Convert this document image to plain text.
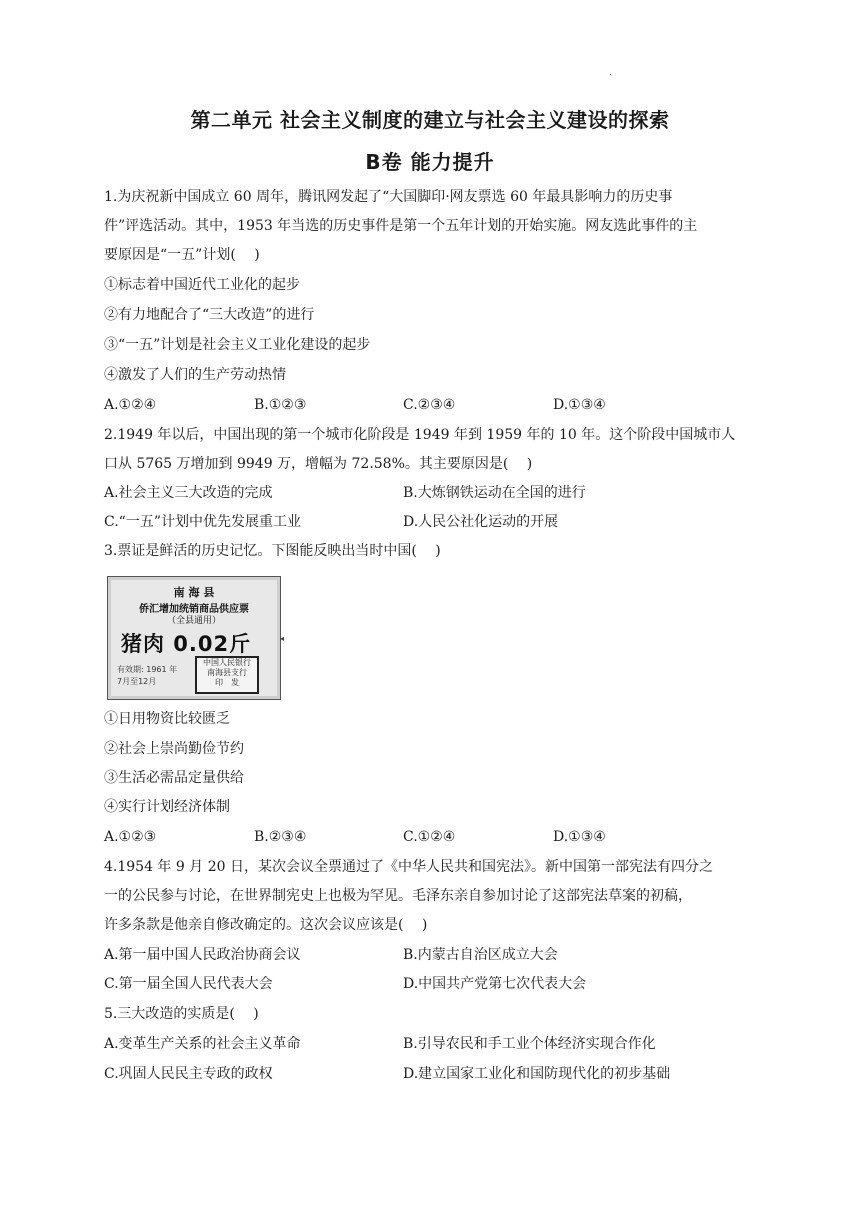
·
第二单元 社会主义制度的建立与社会主义建设的探索
B卷 能力提升
1.为庆祝新中国成立 60 周年，腾讯网发起了“大国脚印·网友票选 60 年最具影响力的历史事
件”评选活动。其中，1953 年当选的历史事件是第一个五年计划的开始实施。网友选此事件的主
要原因是“一五”计划(　 )
①标志着中国近代工业化的起步
②有力地配合了“三大改造”的进行
③“一五”计划是社会主义工业化建设的起步
④激发了人们的生产劳动热情
A.①②④	B.①②③	C.②③④	D.①③④
2.1949 年以后，中国出现的第一个城市化阶段是 1949 年到 1959 年的 10 年。这个阶段中国城市人
口从 5765 万增加到 9949 万，增幅为 72.58%。其主要原因是(　 )
A.社会主义三大改造的完成	B.大炼钢铁运动在全国的进行
C.“一五”计划中优先发展重工业	D.人民公社化运动的开展
3.票证是鲜活的历史记忆。下图能反映出当时中国(　 )
南 海 县
侨汇增加统销商品供应票
（全县通用）
猪肉 0.02斤
有效期: 1961 年
7月至12月
中国人民银行
南海县支行
印　发
◂
①日用物资比较匮乏
②社会上崇尚勤俭节约
③生活必需品定量供给
④实行计划经济体制
A.①②③	B.②③④	C.①②④	D.①③④
4.1954 年 9 月 20 日，某次会议全票通过了《中华人民共和国宪法》。新中国第一部宪法有四分之
一的公民参与讨论，在世界制宪史上也极为罕见。毛泽东亲自参加讨论了这部宪法草案的初稿，
许多条款是他亲自修改确定的。这次会议应该是(　 )
A.第一届中国人民政治协商会议	B.内蒙古自治区成立大会
C.第一届全国人民代表大会	D.中国共产党第七次代表大会
5.三大改造的实质是(　 )
A.变革生产关系的社会主义革命	B.引导农民和手工业个体经济实现合作化
C.巩固人民民主专政的政权	D.建立国家工业化和国防现代化的初步基础
